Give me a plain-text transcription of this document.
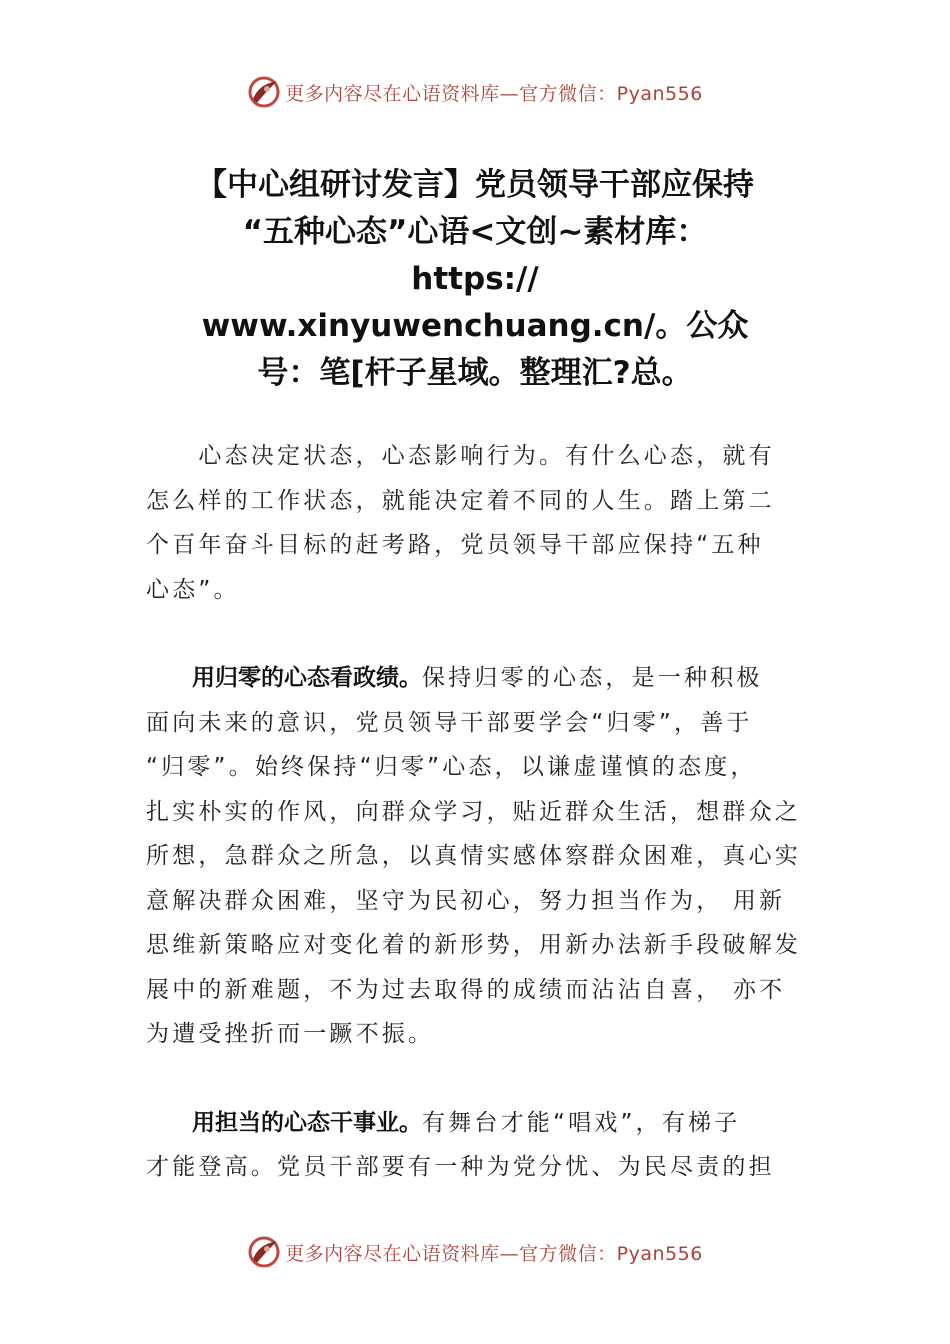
更多内容尽在心语资料库—官方微信：Pyan556
【中心组研讨发言】党员领导干部应保持
“五种心态”心语<文创~素材库：
https://
www.xinyuwenchuang.cn/。公众
号：笔[杆子星域。整理汇?总。

　　心态决定状态，心态影响行为。有什么心态，就有
怎么样的工作状态，就能决定着不同的人生。踏上第二
个百年奋斗目标的赶考路，党员领导干部应保持“五种
心态”。

　　用归零的心态看政绩。保持归零的心态，是一种积极
面向未来的意识，党员领导干部要学会“归零”，善于
“归零”。始终保持“归零”心态，以谦虚谨慎的态度，
扎实朴实的作风，向群众学习，贴近群众生活，想群众之
所想，急群众之所急，以真情实感体察群众困难，真心实
意解决群众困难，坚守为民初心，努力担当作为， 用新
思维新策略应对变化着的新形势，用新办法新手段破解发
展中的新难题，不为过去取得的成绩而沾沾自喜， 亦不
为遭受挫折而一蹶不振。

　　用担当的心态干事业。有舞台才能“唱戏”，有梯子
才能登高。党员干部要有一种为党分忧、为民尽责的担

更多内容尽在心语资料库—官方微信：Pyan556
